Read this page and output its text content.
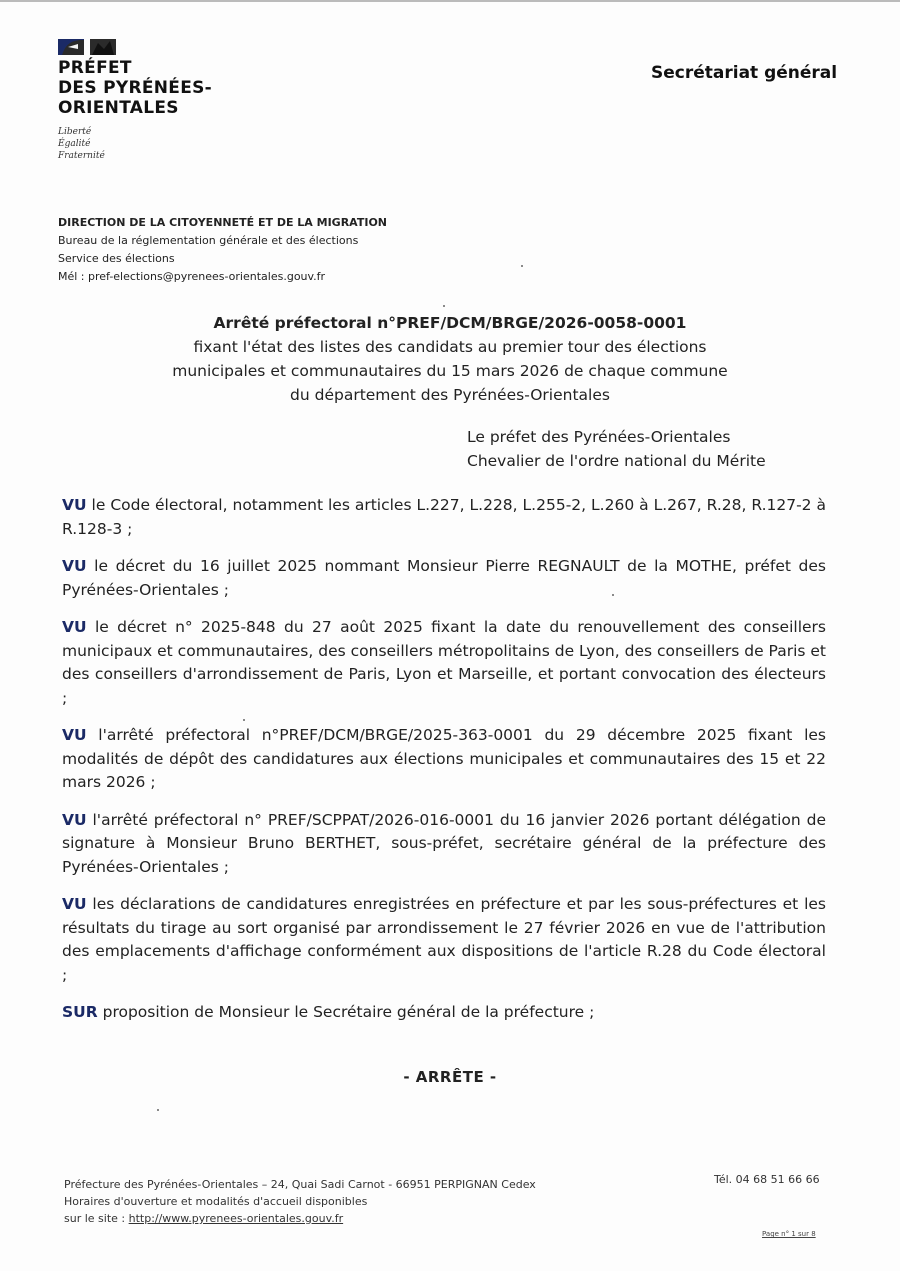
PRÉFET
DES PYRÉNÉES-
ORIENTALES
Liberté
Égalité
Fraternité
Secrétariat général
DIRECTION DE LA CITOYENNETÉ ET DE LA MIGRATION
Bureau de la réglementation générale et des élections
Service des élections
Mél : pref-elections@pyrenees-orientales.gouv.fr
Arrêté préfectoral n°PREF/DCM/BRGE/2026-0058-0001
fixant l'état des listes des candidats au premier tour des élections
municipales et communautaires du 15 mars 2026 de chaque commune
du département des Pyrénées-Orientales
Le préfet des Pyrénées-Orientales
Chevalier de l'ordre national du Mérite

VU le Code électoral, notamment les articles L.227, L.228, L.255-2, L.260 à L.267, R.28, R.127-2 à R.128-3 ;

VU le décret du 16 juillet 2025 nommant Monsieur Pierre REGNAULT de la MOTHE, préfet des Pyrénées-Orientales ;

VU le décret n° 2025-848 du 27 août 2025 fixant la date du renouvellement des conseillers municipaux et communautaires, des conseillers métropolitains de Lyon, des conseillers de Paris et des conseillers d'arrondissement de Paris, Lyon et Marseille, et portant convocation des électeurs ;

VU l'arrêté préfectoral n°PREF/DCM/BRGE/2025-363-0001 du 29 décembre 2025 fixant les modalités de dépôt des candidatures aux élections municipales et communautaires des 15 et 22 mars 2026 ;

VU l'arrêté préfectoral n° PREF/SCPPAT/2026-016-0001 du 16 janvier 2026 portant délégation de signature à Monsieur Bruno BERTHET, sous-préfet, secrétaire général de la préfecture des Pyrénées-Orientales ;

VU les déclarations de candidatures enregistrées en préfecture et par les sous-préfectures et les résultats du tirage au sort organisé par arrondissement le 27 février 2026 en vue de l'attribution des emplacements d'affichage conformément aux dispositions de l'article R.28 du Code électoral ;

SUR proposition de Monsieur le Secrétaire général de la préfecture ;

- ARRÊTE -
Préfecture des Pyrénées-Orientales – 24, Quai Sadi Carnot - 66951 PERPIGNAN Cedex
Horaires d'ouverture et modalités d'accueil disponibles
sur le site : http://www.pyrenees-orientales.gouv.fr
Tél. 04 68 51 66 66
Page n° 1 sur 8
